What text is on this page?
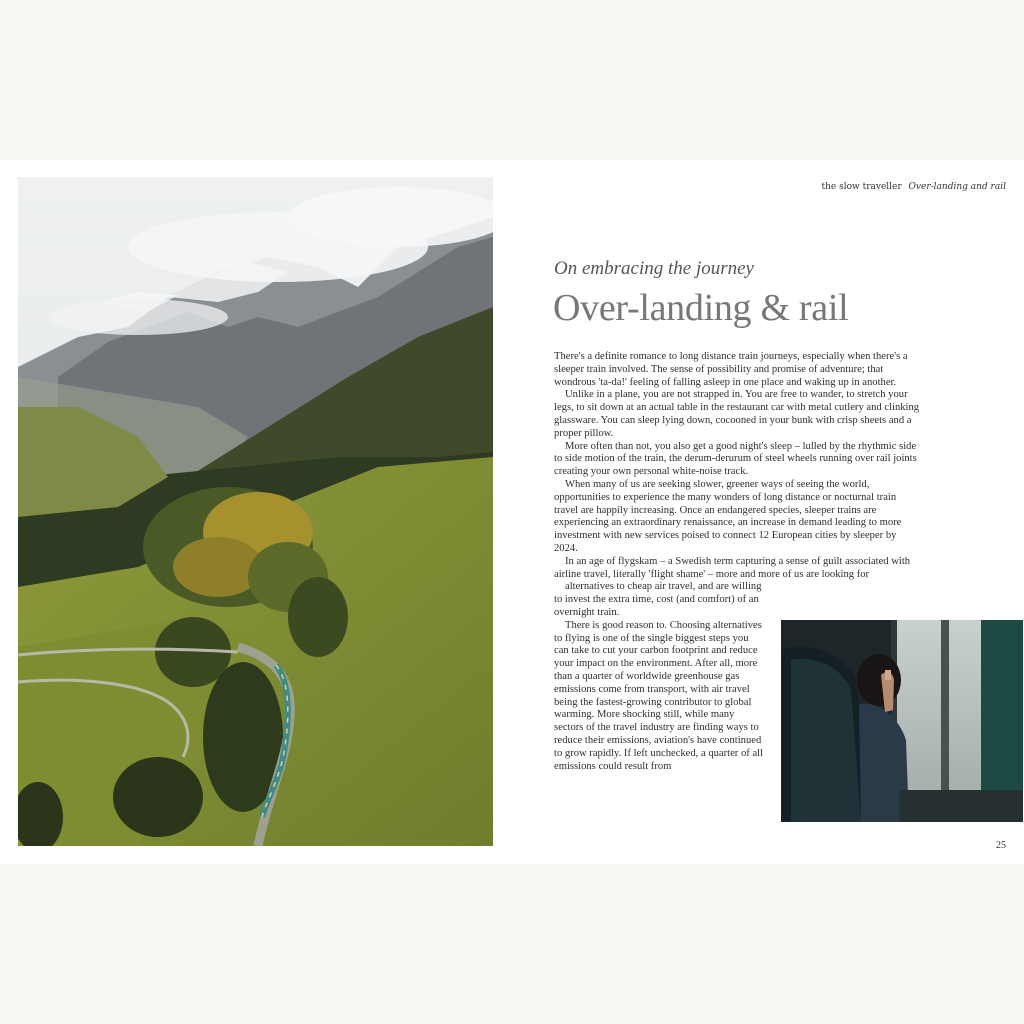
the slow traveller Over-landing and rail
On embracing the journey
Over-landing & rail

There's a definite romance to long distance train journeys, especially when there's a sleeper train involved. The sense of possibility and promise of adventure; that wondrous 'ta-da!' feeling of falling asleep in one place and waking up in another.

Unlike in a plane, you are not strapped in. You are free to wander, to stretch your legs, to sit down at an actual table in the restaurant car with metal cutlery and clinking glassware. You can sleep lying down, cocooned in your bunk with crisp sheets and a proper pillow.

More often than not, you also get a good night's sleep – lulled by the rhythmic side to side motion of the train, the derum-derurum of steel wheels running over rail joints creating your own personal white-noise track.

When many of us are seeking slower, greener ways of seeing the world, opportunities to experience the many wonders of long distance or nocturnal train travel are happily increasing. Once an endangered species, sleeper trains are experiencing an extraordinary renaissance, an increase in demand leading to more investment with new services poised to connect 12 European cities by sleeper by 2024.

In an age of flygskam – a Swedish term capturing a sense of guilt associated with airline travel, literally 'flight shame' – more and more of us are looking for
alternatives to cheap air travel, and are willing to invest the extra time, cost (and comfort) of an overnight train.

There is good reason to. Choosing alternatives to flying is one of the single biggest steps you can take to cut your carbon footprint and reduce your impact on the environment. After all, more than a quarter of worldwide greenhouse gas emissions come from transport, with air travel being the fastest-growing contributor to global warming. More shocking still, while many sectors of the travel industry are finding ways to reduce their emissions, aviation's have continued to grow rapidly. If left unchecked, a quarter of all emissions could result from

25
